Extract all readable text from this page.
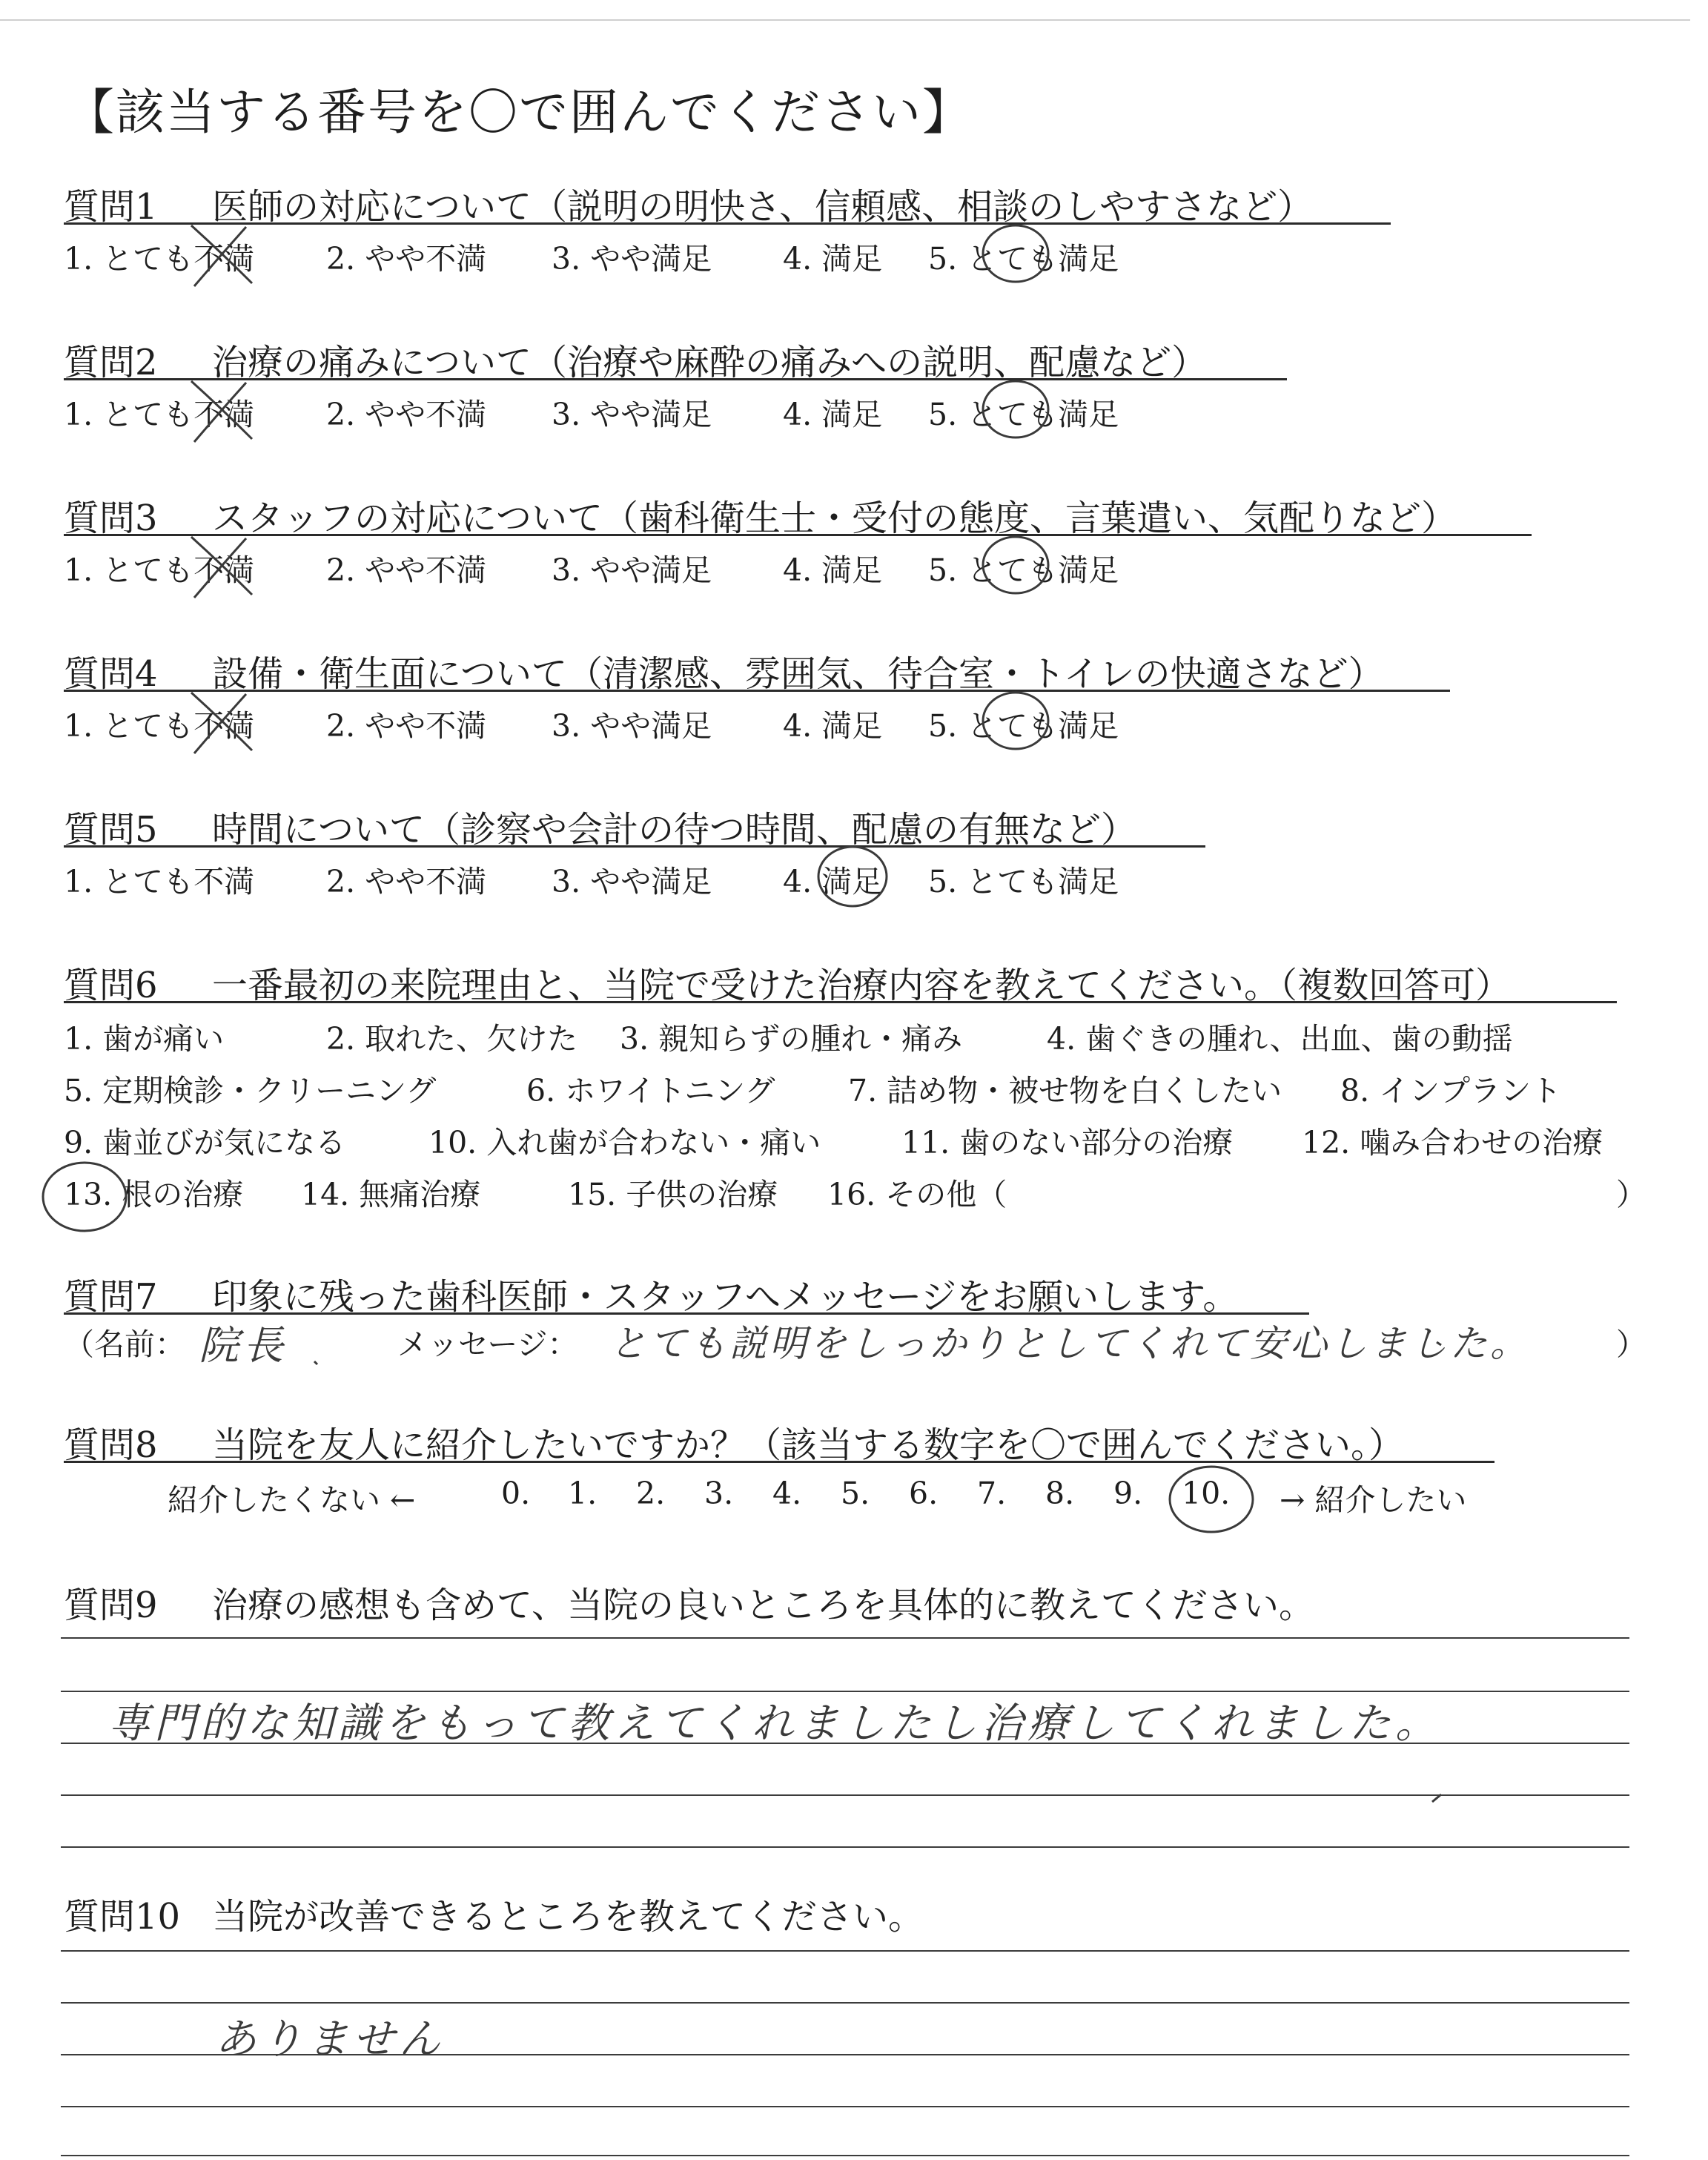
【該当する番号を〇で囲んでください】
質問1 医師の対応について（説明の明快さ、信頼感、相談のしやすさなど）
1. とても不満 2. やや不満 3. やや満足 4. 満足 5. とても満足
質問2 治療の痛みについて（治療や麻酔の痛みへの説明、配慮など）
1. とても不満 2. やや不満 3. やや満足 4. 満足 5. とても満足
質問3 スタッフの対応について（歯科衛生士・受付の態度、言葉遣い、気配りなど）
1. とても不満 2. やや不満 3. やや満足 4. 満足 5. とても満足
質問4 設備・衛生面について（清潔感、雰囲気、待合室・トイレの快適さなど）
1. とても不満 2. やや不満 3. やや満足 4. 満足 5. とても満足
質問5 時間について（診察や会計の待つ時間、配慮の有無など）
1. とても不満 2. やや不満 3. やや満足 4. 満足 5. とても満足
質問6 一番最初の来院理由と、当院で受けた治療内容を教えてください。（複数回答可）
1. 歯が痛い	2. 取れた、欠けた 3. 親知らずの腫れ・痛み	4. 歯ぐきの腫れ、出血、歯の動揺
5. 定期検診・クリーニング	6. ホワイトニング 7. 詰め物・被せ物を白くしたい 8. インプラント
9. 歯並びが気になる	10. 入れ歯が合わない・痛い	11. 歯のない部分の治療 12. 噛み合わせの治療
13. 根の治療 14. 無痛治療	15. 子供の治療 16. その他（	）
質問7 印象に残った歯科医師・スタッフへメッセージをお願いします。
（名前：	メッセージ：
院長	とても説明をしっかりとしてくれて安心しました。	）
質問8 当院を友人に紹介したいですか？（該当する数字を〇で囲んでください。）
紹介したくない ←	0. 1. 2. 3. 4. 5. 6. 7. 8. 9. 10. → 紹介したい
質問9 治療の感想も含めて、当院の良いところを具体的に教えてください。
専門的な知識をもって教えてくれましたし治療してくれました。
質問10 当院が改善できるところを教えてください。
ありません
